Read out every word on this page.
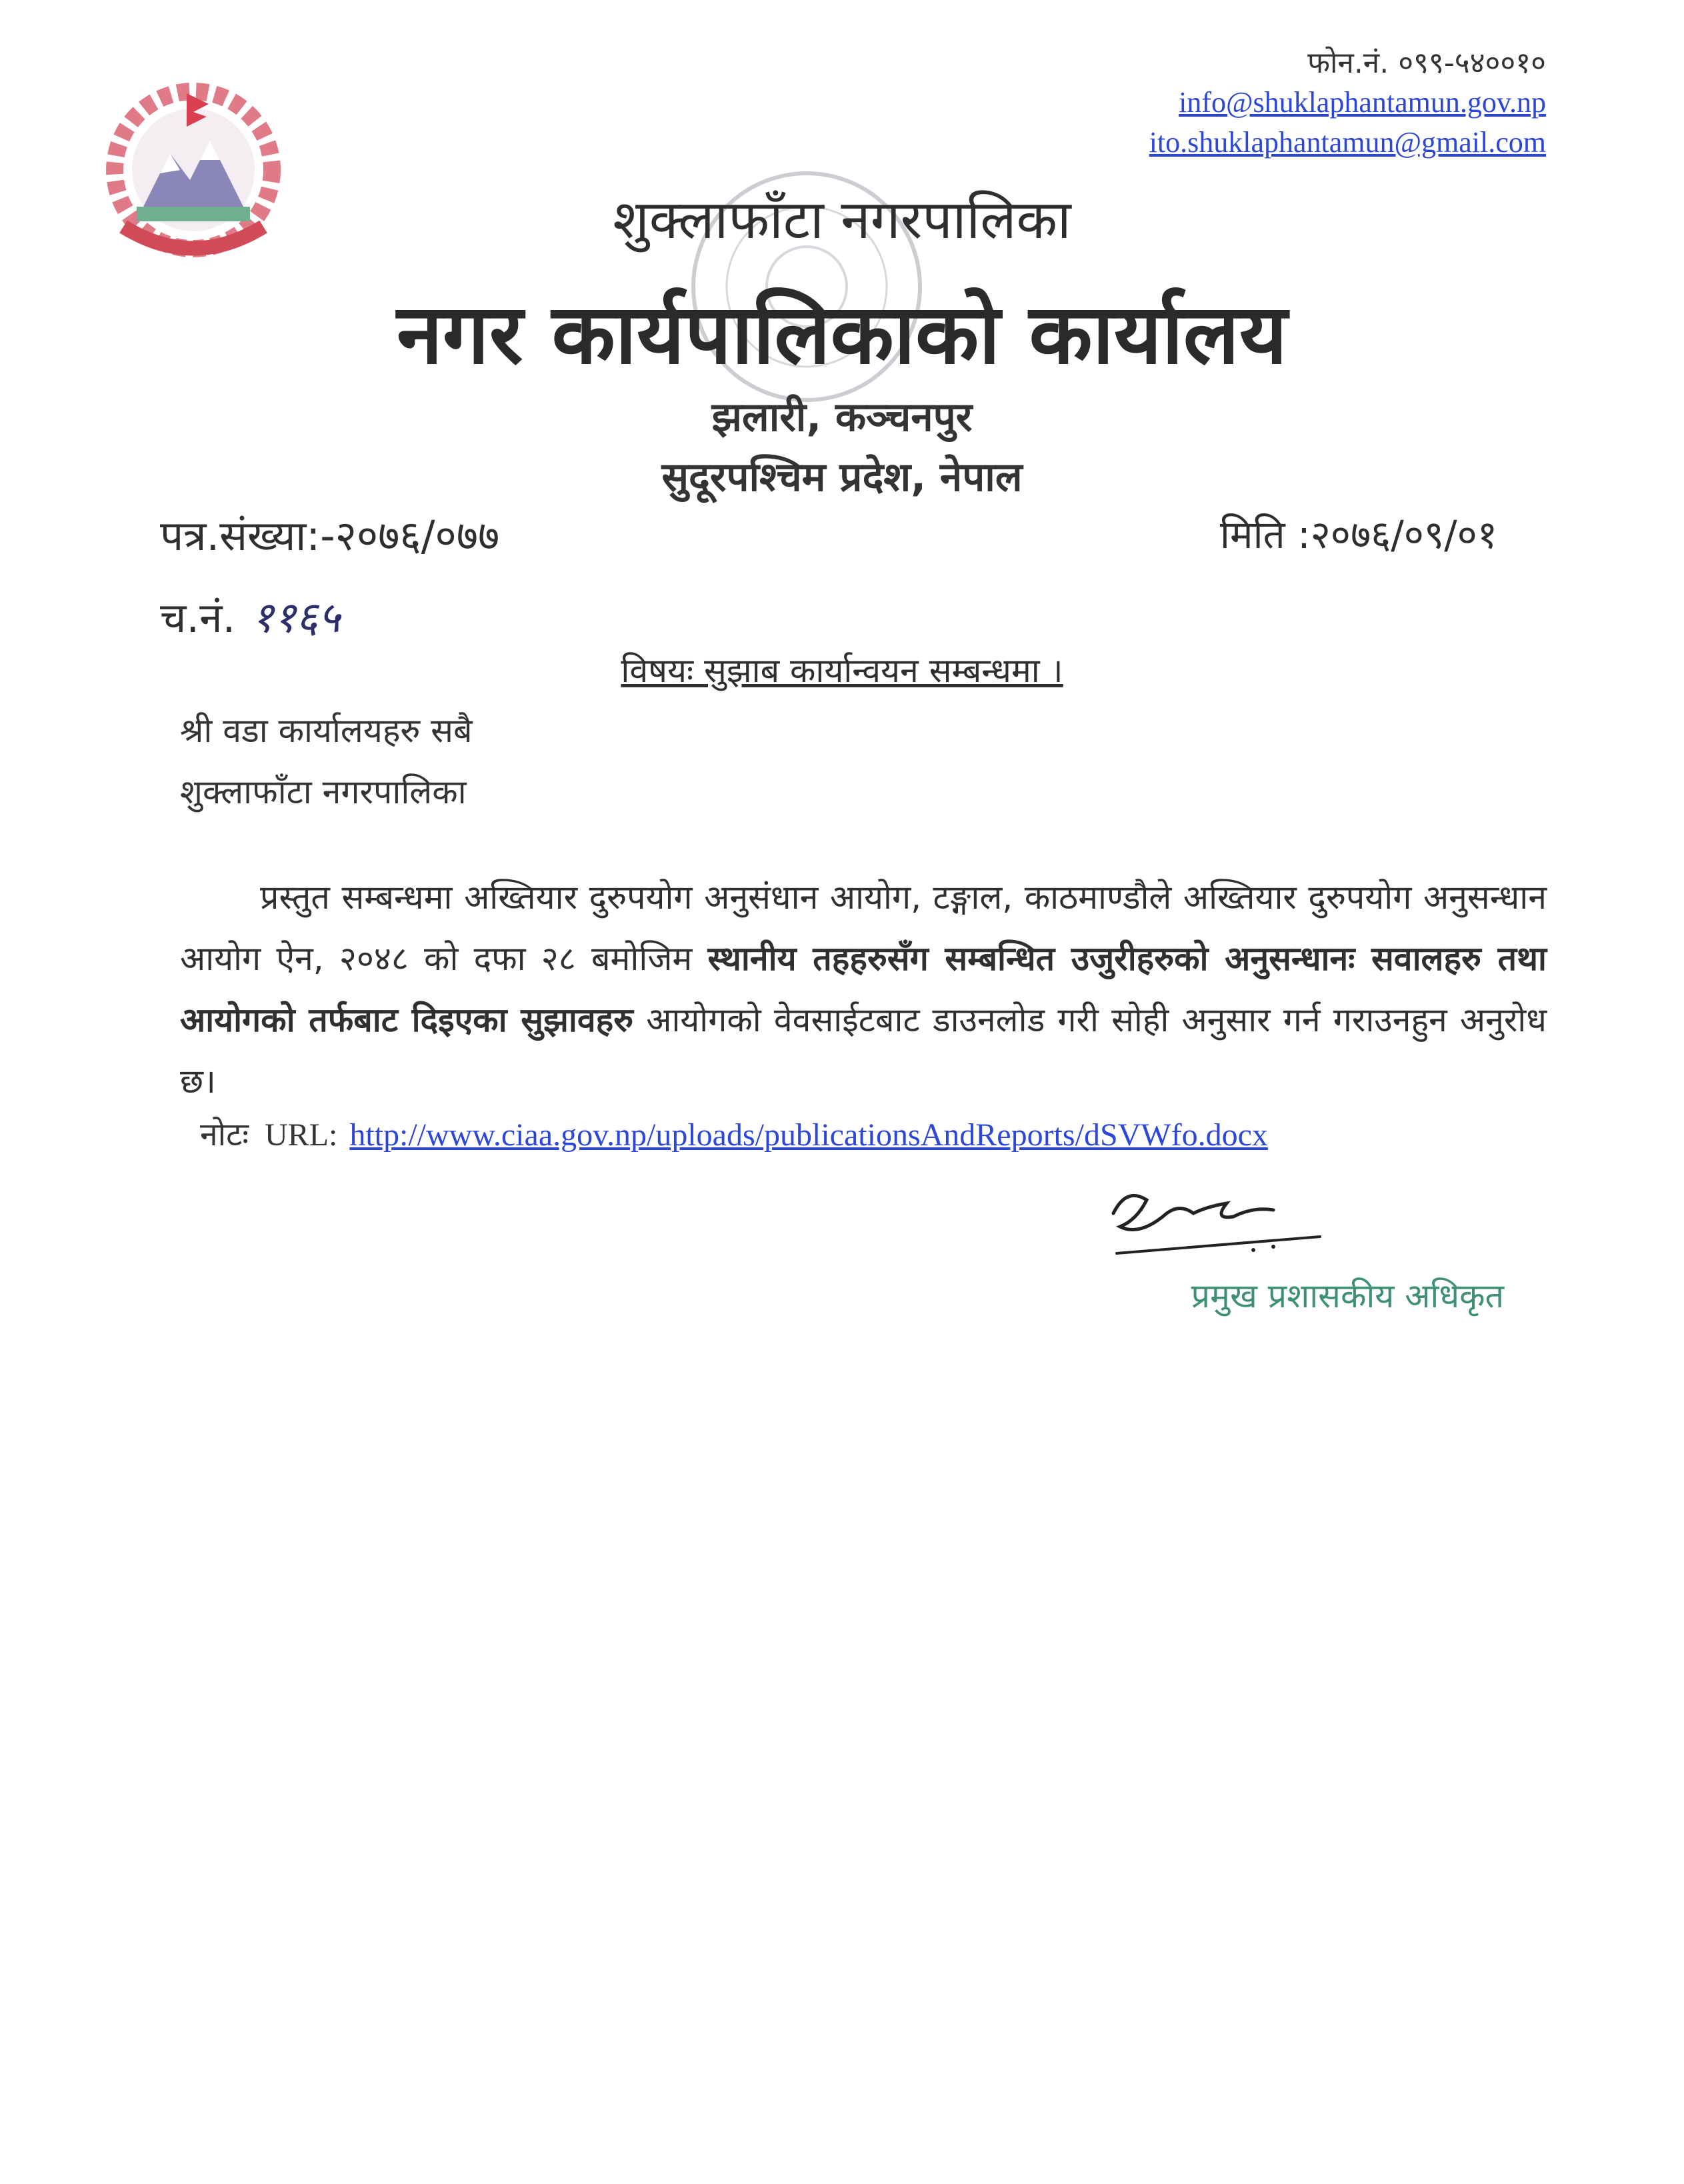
फोन.नं. ०९९-५४००१०
info@shuklaphantamun.gov.np
ito.shuklaphantamun@gmail.com
शुक्लाफाँटा नगरपालिका
नगर कार्यपालिकाको कार्यालय
झलारी, कञ्चनपुर
सुदूरपश्चिम प्रदेश, नेपाल
पत्र.संख्या:-२०७६/०७७	मिति :२०७६/०९/०१
च.नं. ११६५
विषयः सुझाब कार्यान्वयन सम्बन्धमा ।
श्री वडा कार्यालयहरु सबै
शुक्लाफाँटा नगरपालिका
प्रस्तुत सम्बन्धमा अख्तियार दुरुपयोग अनुसंधान आयोग, टङ्गाल, काठमाण्डौले अख्तियार दुरुपयोग अनुसन्धान आयोग ऐन, २०४८ को दफा २८ बमोजिम स्थानीय तहहरुसँग सम्बन्धित उजुरीहरुको अनुसन्धानः सवालहरु तथा आयोगको तर्फबाट दिइएका सुझावहरु आयोगको वेवसाईटबाट डाउनलोड गरी सोही अनुसार गर्न गराउनहुन अनुरोध छ।
नोटः URL: http://www.ciaa.gov.np/uploads/publicationsAndReports/dSVWfo.docx
प्रमुख प्रशासकीय अधिकृत
